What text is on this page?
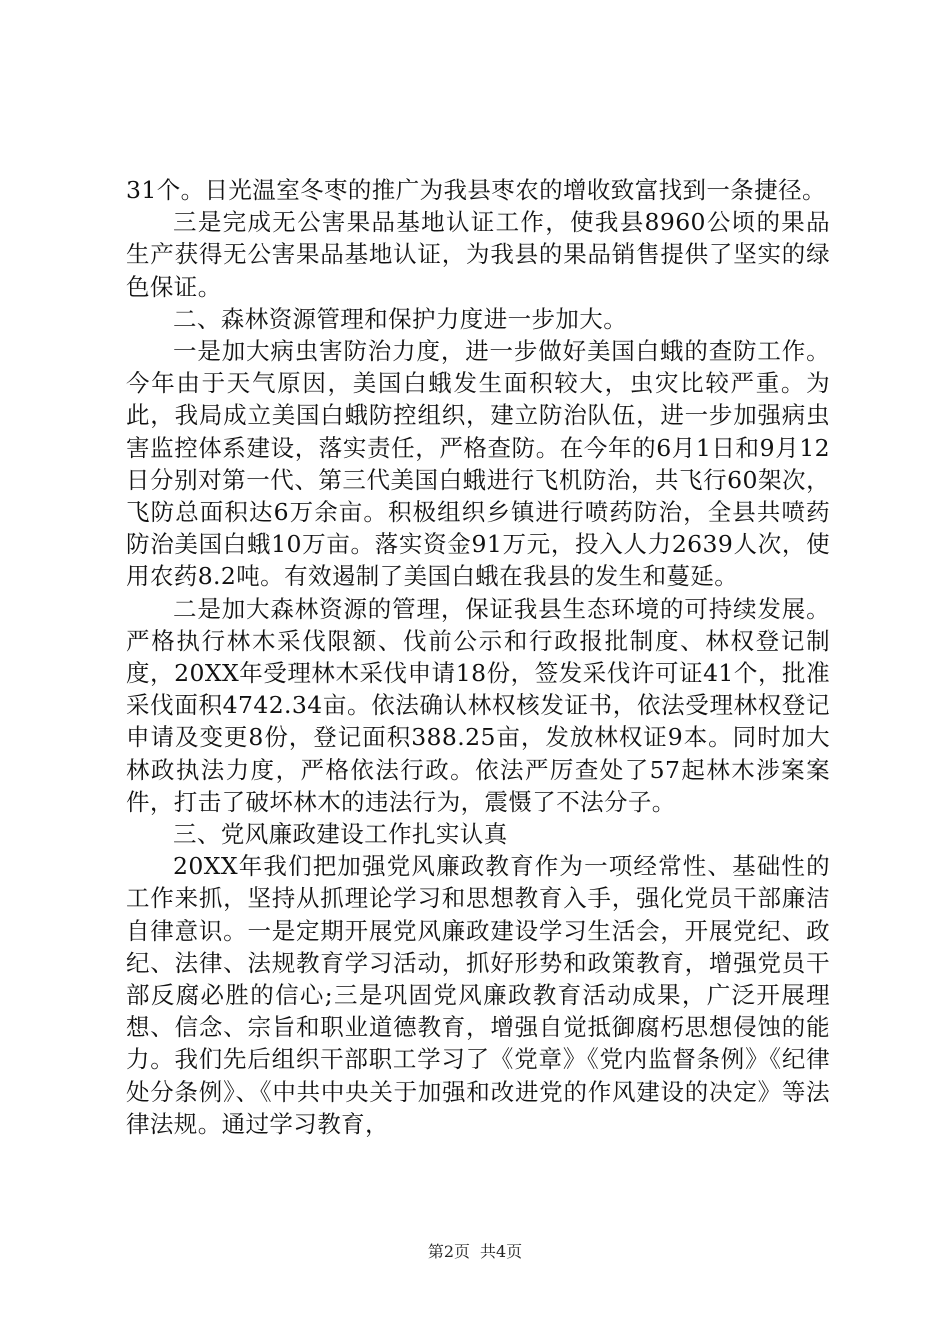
31个。日光温室冬枣的推广为我县枣农的增收致富找到一条捷径。

三是完成无公害果品基地认证工作，使我县8960公顷的果品生产获得无公害果品基地认证，为我县的果品销售提供了坚实的绿色保证。

二、森林资源管理和保护力度进一步加大。

一是加大病虫害防治力度，进一步做好美国白蛾的查防工作。今年由于天气原因，美国白蛾发生面积较大，虫灾比较严重。为此，我局成立美国白蛾防控组织，建立防治队伍，进一步加强病虫害监控体系建设，落实责任，严格查防。在今年的6月1日和9月12日分别对第一代、第三代美国白蛾进行飞机防治，共飞行60架次，飞防总面积达6万余亩。积极组织乡镇进行喷药防治，全县共喷药防治美国白蛾10万亩。落实资金91万元，投入人力2639人次，使用农药8.2吨。有效遏制了美国白蛾在我县的发生和蔓延。

二是加大森林资源的管理，保证我县生态环境的可持续发展。严格执行林木采伐限额、伐前公示和行政报批制度、林权登记制度，20XX年受理林木采伐申请18份，签发采伐许可证41个，批准采伐面积4742.34亩。依法确认林权核发证书，依法受理林权登记申请及变更8份，登记面积388.25亩，发放林权证9本。同时加大林政执法力度，严格依法行政。依法严厉查处了57起林木涉案案件，打击了破坏林木的违法行为，震慑了不法分子。

三、党风廉政建设工作扎实认真

20XX年我们把加强党风廉政教育作为一项经常性、基础性的工作来抓，坚持从抓理论学习和思想教育入手，强化党员干部廉洁自律意识。一是定期开展党风廉政建设学习生活会，开展党纪、政纪、法律、法规教育学习活动，抓好形势和政策教育，增强党员干部反腐必胜的信心;三是巩固党风廉政教育活动成果，广泛开展理想、信念、宗旨和职业道德教育，增强自觉抵御腐朽思想侵蚀的能力。我们先后组织干部职工学习了《党章》《党内监督条例》《纪律处分条例》、《中共中央关于加强和改进党的作风建设的决定》等法律法规。通过学习教育，

第2页 共4页
